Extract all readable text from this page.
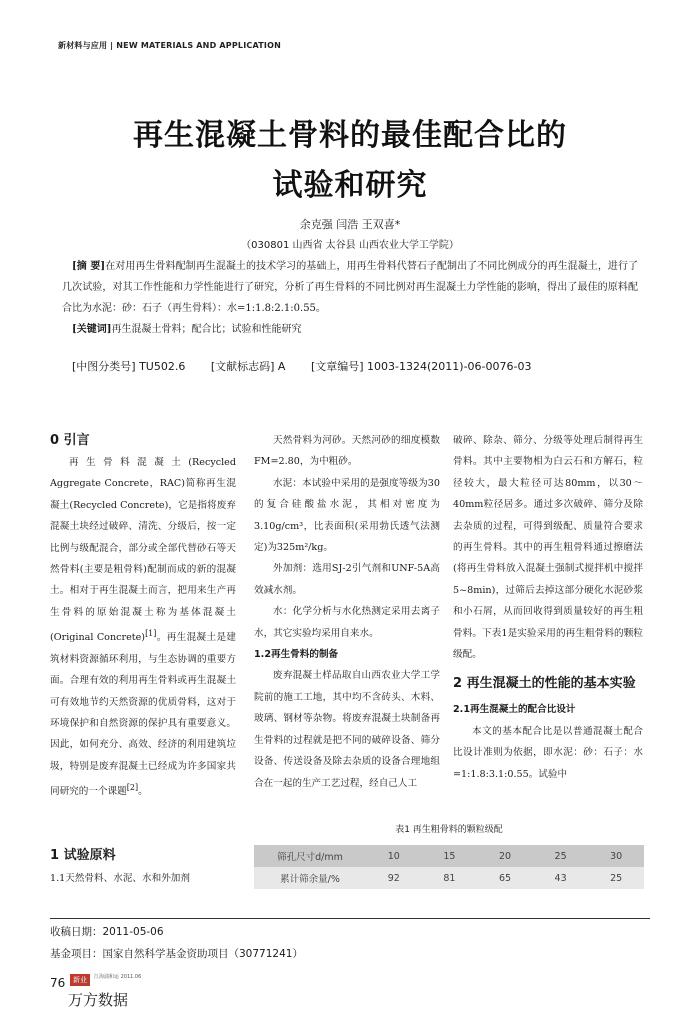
新材料与应用 | NEW MATERIALS AND APPLICATION
再生混凝土骨料的最佳配合比的
试验和研究
余克强 闫浩 王双喜*
（030801 山西省 太谷县 山西农业大学工学院）
[摘 要]在对用再生骨料配制再生混凝土的技术学习的基础上，用再生骨料代替石子配制出了不同比例成分的再生混凝土，进行了几次试验，对其工作性能和力学性能进行了研究，分析了再生骨料的不同比例对再生混凝土力学性能的影响，得出了最佳的原料配合比为水泥：砂：石子（再生骨料）：水=1:1.8:2.1:0.55。
[关键词]再生混凝土骨料；配合比；试验和性能研究
[中图分类号] TU502.6 [文献标志码] A [文章编号] 1003-1324(2011)-06-0076-03

0 引言

再生骨料混凝土(Recycled Aggregate Concrete，RAC)简称再生混凝土(Recycled Concrete)，它是指将废弃混凝土块经过破碎、清洗、分级后，按一定比例与级配混合，部分或全部代替砂石等天然骨料(主要是粗骨料)配制而成的新的混凝土。相对于再生混凝土而言，把用来生产再生骨料的原始混凝土称为基体混凝土(Original Concrete)[1]。再生混凝土是建筑材料资源循环利用，与生态协调的重要方面。合理有效的利用再生骨料或再生混凝土可有效地节约天然资源的优质骨料，这对于环境保护和自然资源的保护具有重要意义。因此，如何充分、高效、经济的利用建筑垃圾，特别是废弃混凝土已经成为许多国家共同研究的一个课题[2]。

天然骨料为河砂。天然河砂的细度模数FM=2.80，为中粗砂。

水泥：本试验中采用的是强度等级为30的复合硅酸盐水泥，其相对密度为3.10g/cm³，比表面积(采用勃氏透气法测定)为325m²/kg。

外加剂：选用SJ-2引气剂和UNF-5A高效减水剂。

水：化学分析与水化热测定采用去离子水，其它实验均采用自来水。

1.2再生骨料的制备

废弃混凝土样品取自山西农业大学工学院前的施工工地，其中均不含砖头、木料、玻璃、钢材等杂物。将废弃混凝土块制备再生骨料的过程就是把不同的破碎设备、筛分设备、传送设备及除去杂质的设备合理地组合在一起的生产工艺过程，经自己人工

破碎、除杂、筛分、分级等处理后制得再生骨料。其中主要物相为白云石和方解石，粒径较大，最大粒径可达80mm，以30～40mm粒径居多。通过多次破碎、筛分及除去杂质的过程，可得到级配、质量符合要求的再生骨料。其中的再生粗骨料通过擦磨法(将再生骨料放入混凝土强制式搅拌机中搅拌5~8min)，过筛后去掉这部分硬化水泥砂浆和小石屑，从而回收得到质量较好的再生粗骨料。下表1是实验采用的再生粗骨料的颗粒级配。

2 再生混凝土的性能的基本实验

2.1再生混凝土的配合比设计

本文的基本配合比是以普通混凝土配合比设计准则为依据，即水泥：砂：石子：水=1:1.8:3.1:0.55。试验中

表1 再生粗骨料的颗粒级配
筛孔尺寸d/mm	10	15	20	25	30
累计筛余量/%	92	81	65	43	25
1 试验原料
1.1天然骨料、水泥、水和外加剂
收稿日期：2011-05-06
基金项目：国家自然科学基金资助项目（30771241）
76	新业	江海浦和运 2011.06
万方数据
